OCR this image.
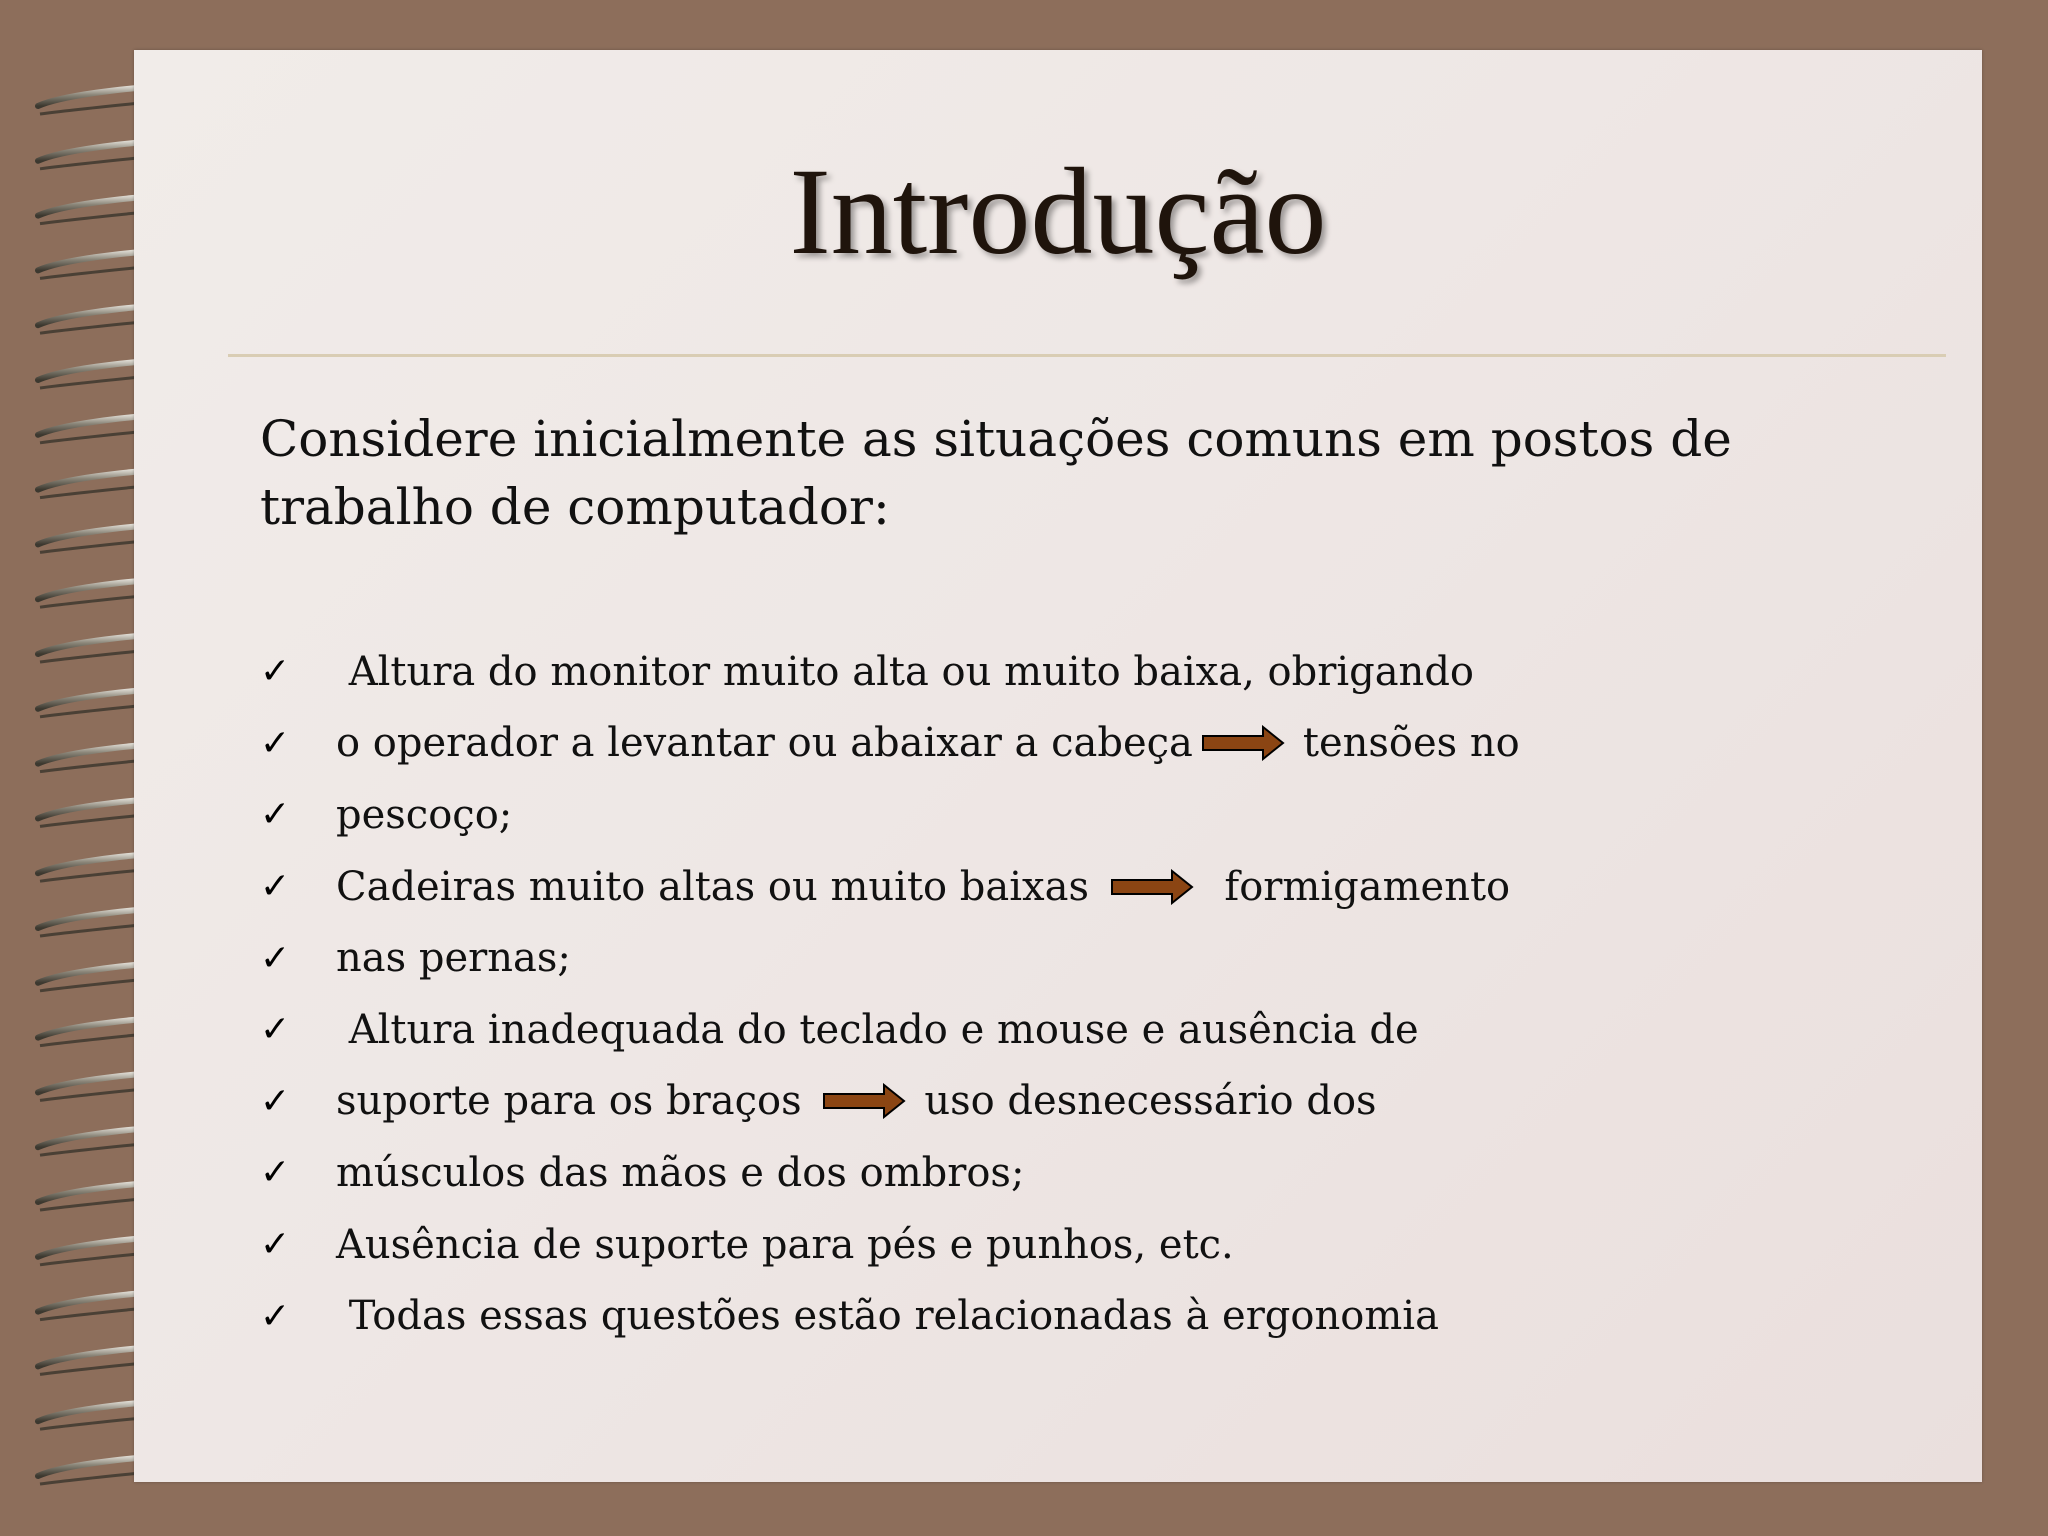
Introdução
Considere inicialmente as situações comuns em postos de trabalho de computador:
✓	Altura do monitor muito alta ou muito baixa, obrigando
✓	o operador a levantar ou abaixar a cabeça	tensões no
✓	pescoço;
✓	Cadeiras muito altas ou muito baixas	formigamento
✓	nas pernas;
✓	Altura inadequada do teclado e mouse e ausência de
✓	suporte para os braços	uso desnecessário dos
✓	músculos das mãos e dos ombros;
✓	Ausência de suporte para pés e punhos, etc.
✓	Todas essas questões estão relacionadas à ergonomia
